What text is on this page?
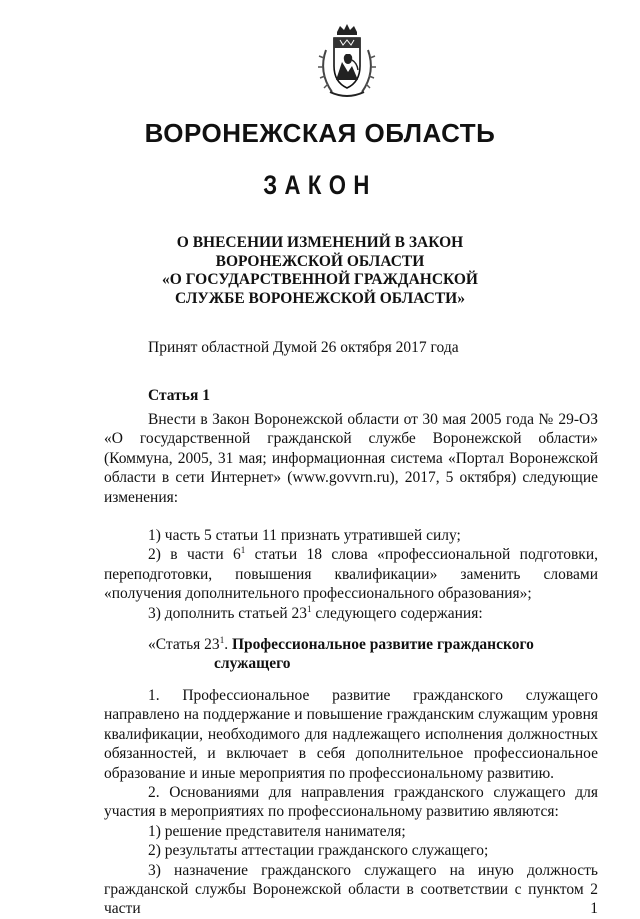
ВОРОНЕЖСКАЯ ОБЛАСТЬ
ЗАКОН
О ВНЕСЕНИИ ИЗМЕНЕНИЙ В ЗАКОН
ВОРОНЕЖСКОЙ ОБЛАСТИ
«О ГОСУДАРСТВЕННОЙ ГРАЖДАНСКОЙ
СЛУЖБЕ ВОРОНЕЖСКОЙ ОБЛАСТИ»
Принят областной Думой 26 октября 2017 года
Статья 1

Внести в Закон Воронежской области от 30 мая 2005 года № 29-ОЗ «О государственной гражданской службе Воронежской области» (Коммуна, 2005, 31 мая; информационная система «Портал Воронежской области в сети Интернет» (www.govvrn.ru), 2017, 5 октября) следующие изменения:

1) часть 5 статьи 11 признать утратившей силу;

2) в части $6^1$ статьи 18 слова «профессиональной подготовки, переподготовки, повышения квалификации» заменить словами «получения дополнительного профессионального образования»;

3) дополнить статьей $23^1$ следующего содержания:

«Статья $23^1$. Профессиональное развитие гражданского
служащего

1. Профессиональное развитие гражданского служащего направлено на поддержание и повышение гражданским служащим уровня квалификации, необходимого для надлежащего исполнения должностных обязанностей, и включает в себя дополнительное профессиональное образование и иные мероприятия по профессиональному развитию.

2. Основаниями для направления гражданского служащего для участия в мероприятиях по профессиональному развитию являются:

1) решение представителя нанимателя;

2) результаты аттестации гражданского служащего;

3) назначение гражданского служащего на иную должность гражданской службы Воронежской области в соответствии с пунктом 2 части 1
